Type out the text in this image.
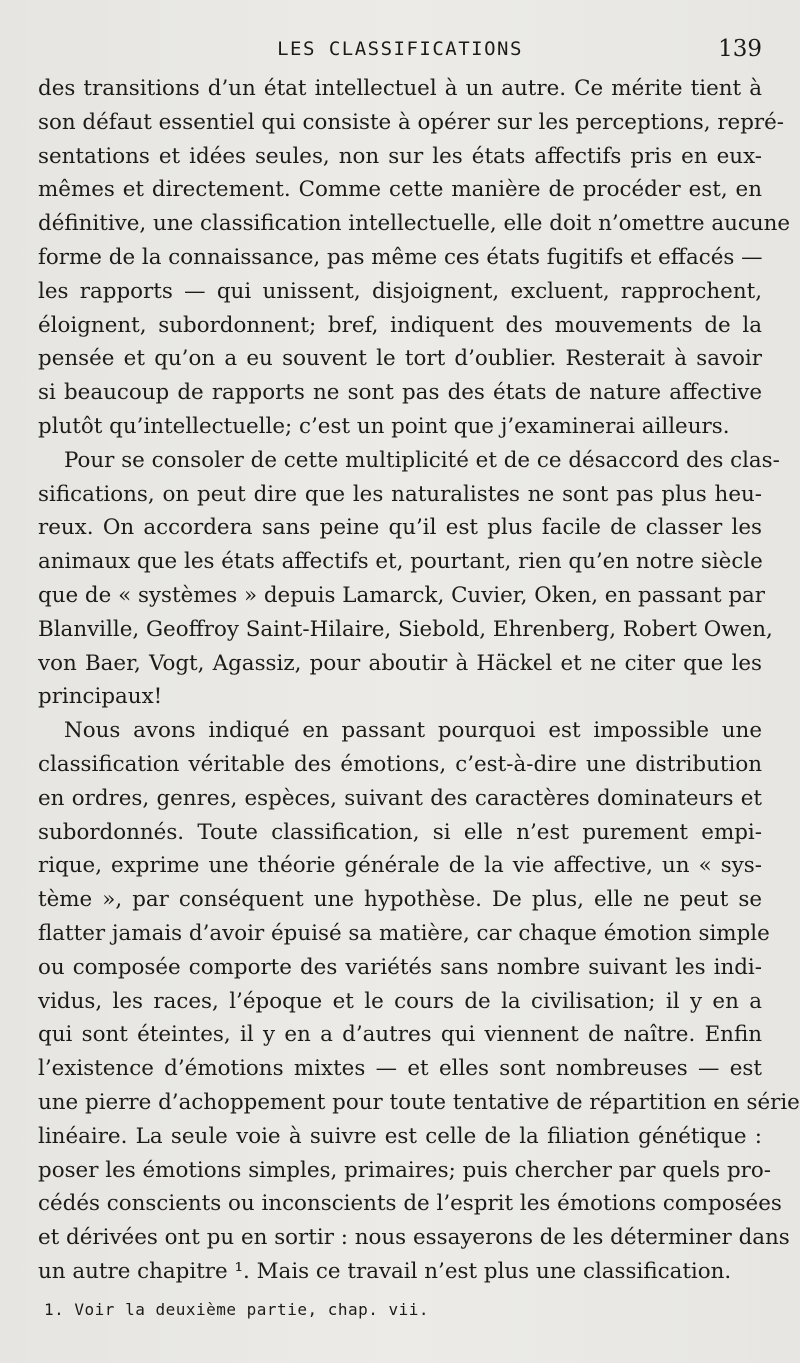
LES CLASSIFICATIONS	139
des transitions d’un état intellectuel à un autre. Ce mérite tient à
son défaut essentiel qui consiste à opérer sur les perceptions, repré-
sentations et idées seules, non sur les états affectifs pris en eux-
mêmes et directement. Comme cette manière de procéder est, en
définitive, une classification intellectuelle, elle doit n’omettre aucune
forme de la connaissance, pas même ces états fugitifs et effacés —
les rapports — qui unissent, disjoignent, excluent, rapprochent,
éloignent, subordonnent; bref, indiquent des mouvements de la
pensée et qu’on a eu souvent le tort d’oublier. Resterait à savoir
si beaucoup de rapports ne sont pas des états de nature affective
plutôt qu’intellectuelle; c’est un point que j’examinerai ailleurs.
Pour se consoler de cette multiplicité et de ce désaccord des clas-
sifications, on peut dire que les naturalistes ne sont pas plus heu-
reux. On accordera sans peine qu’il est plus facile de classer les
animaux que les états affectifs et, pourtant, rien qu’en notre siècle
que de « systèmes » depuis Lamarck, Cuvier, Oken, en passant par
Blanville, Geoffroy Saint-Hilaire, Siebold, Ehrenberg, Robert Owen,
von Baer, Vogt, Agassiz, pour aboutir à Häckel et ne citer que les
principaux!
Nous avons indiqué en passant pourquoi est impossible une
classification véritable des émotions, c’est-à-dire une distribution
en ordres, genres, espèces, suivant des caractères dominateurs et
subordonnés. Toute classification, si elle n’est purement empi-
rique, exprime une théorie générale de la vie affective, un « sys-
tème », par conséquent une hypothèse. De plus, elle ne peut se
flatter jamais d’avoir épuisé sa matière, car chaque émotion simple
ou composée comporte des variétés sans nombre suivant les indi-
vidus, les races, l’époque et le cours de la civilisation; il y en a
qui sont éteintes, il y en a d’autres qui viennent de naître. Enfin
l’existence d’émotions mixtes — et elles sont nombreuses — est
une pierre d’achoppement pour toute tentative de répartition en série
linéaire. La seule voie à suivre est celle de la filiation génétique :
poser les émotions simples, primaires; puis chercher par quels pro-
cédés conscients ou inconscients de l’esprit les émotions composées
et dérivées ont pu en sortir : nous essayerons de les déterminer dans
un autre chapitre ¹. Mais ce travail n’est plus une classification.
1. Voir la deuxième partie, chap. vii.
